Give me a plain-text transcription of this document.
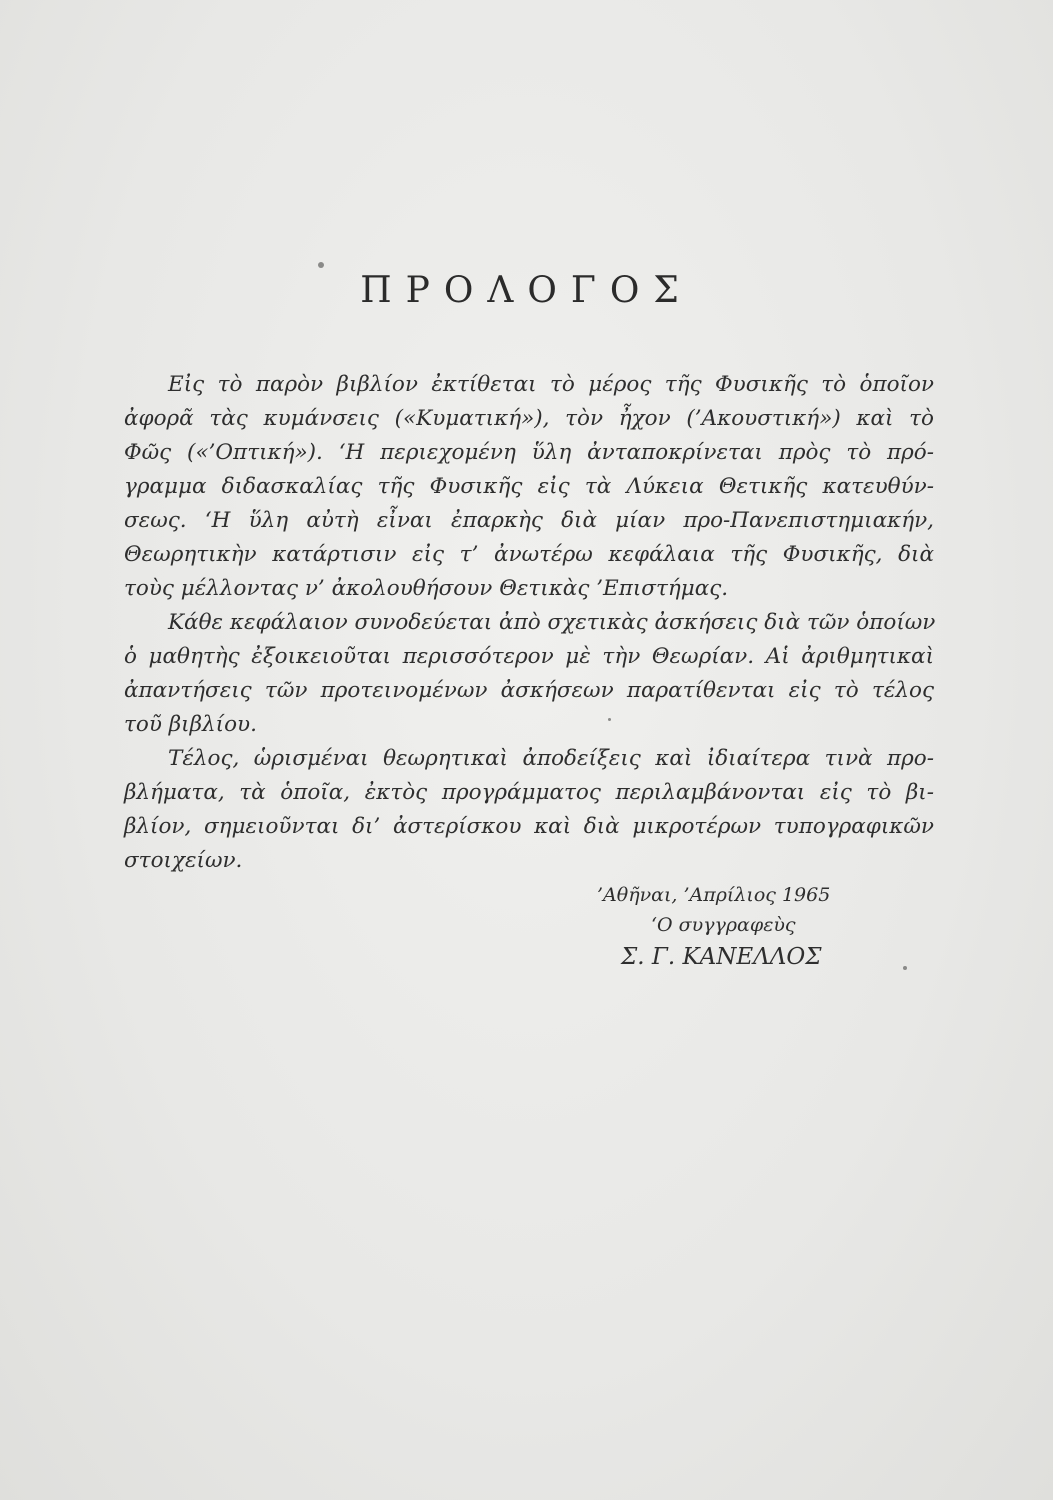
ΠΡΟΛΟΓΟΣ
Εἰς τὸ παρὸν βιβλίον ἐκτίθεται τὸ μέρος τῆς Φυσικῆς τὸ ὁποῖον
ἀφορᾶ τὰς κυμάνσεις («Κυματική»), τὸν ἦχον (’Ακουστική») καὶ τὸ
Φῶς («’Οπτική»). ‘Η περιεχομένη ὕλη ἀνταποκρίνεται πρὸς τὸ πρό-
γραμμα διδασκαλίας τῆς Φυσικῆς εἰς τὰ Λύκεια Θετικῆς κατευθύν-
σεως. ‘Η ὕλη αὐτὴ εἶναι ἐπαρκὴς διὰ μίαν προ-Πανεπιστημιακήν,
Θεωρητικὴν κατάρτισιν εἰς τ’ ἀνωτέρω κεφάλαια τῆς Φυσικῆς, διὰ
τοὺς μέλλοντας ν’ ἀκολουθήσουν Θετικὰς ’Επιστήμας.
Κάθε κεφάλαιον συνοδεύεται ἀπὸ σχετικὰς ἀσκήσεις διὰ τῶν ὁποίων
ὁ μαθητὴς ἐξοικειοῦται περισσότερον μὲ τὴν Θεωρίαν. Αἱ ἀριθμητικαὶ
ἀπαντήσεις τῶν προτεινομένων ἀσκήσεων παρατίθενται εἰς τὸ τέλος
τοῦ βιβλίου.
Τέλος, ὡρισμέναι θεωρητικαὶ ἀποδείξεις καὶ ἰδιαίτερα τινὰ προ-
βλήματα, τὰ ὁποῖα, ἐκτὸς προγράμματος περιλαμβάνονται εἰς τὸ βι-
βλίον, σημειοῦνται δι’ ἀστερίσκου καὶ διὰ μικροτέρων τυπογραφικῶν
στοιχείων.
’Αθῆναι, ’Απρίλιος 1965
‘Ο συγγραφεὺς
Σ. Γ. ΚΑΝΕΛΛΟΣ
